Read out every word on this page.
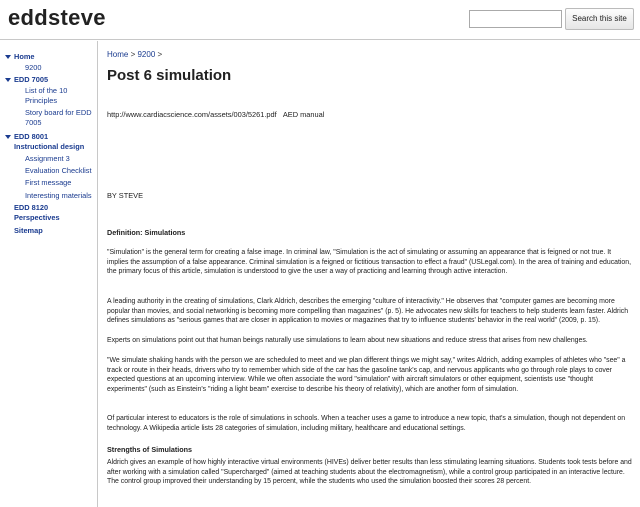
eddsteve	Search this site
Home
9200
EDD 7005
List of the 10
Principles
Story board for EDD
7005
EDD 8001
Instructional design
Assignment 3
Evaluation Checklist
First message
Interesting materials
EDD 8120
Perspectives
Sitemap
Home > 9200 >
Post 6 simulation
http://www.cardiacscience.com/assets/003/5261.pdf AED manual
BY STEVE
Definition: Simulations
"Simulation" is the general term for creating a false image. In criminal law, "Simulation is the act of simulating or assuming an appearance that is feigned or not true. It implies the assumption of a false appearance. Criminal simulation is a feigned or fictitious transaction to effect a fraud" (USLegal.com). In the area of training and education, the primary focus of this article, simulation is understood to give the user a way of practicing and learning through active interaction.
A leading authority in the creating of simulations, Clark Aldrich, describes the emerging "culture of interactivity." He observes that "computer games are becoming more popular than movies, and social networking is becoming more compelling than magazines" (p. 5). He advocates new skills for teachers to help students learn faster. Aldrich defines simulations as "serious games that are closer in application to movies or magazines that try to influence students' behavior in the real world" (2009, p. 15).
Experts on simulations point out that human beings naturally use simulations to learn about new situations and reduce stress that arises from new challenges.
"We simulate shaking hands with the person we are scheduled to meet and we plan different things we might say," writes Aldrich, adding examples of athletes who "see" a track or route in their heads, drivers who try to remember which side of the car has the gasoline tank's cap, and nervous applicants who go through role plays to cover expected questions at an upcoming interview. While we often associate the word "simulation" with aircraft simulators or other equipment, scientists use "thought experiments" (such as Einstein's "riding a light beam" exercise to describe his theory of relativity), which are another form of simulation.
Of particular interest to educators is the role of simulations in schools. When a teacher uses a game to introduce a new topic, that's a simulation, though not dependent on technology. A Wikipedia article lists 28 categories of simulation, including military, healthcare and educational settings.
Strengths of Simulations
Aldrich gives an example of how highly interactive virtual environments (HIVEs) deliver better results than less stimulating learning situations. Students took tests before and after working with a simulation called "Supercharged" (aimed at teaching students about the electromagnetism), while a control group participated in an interactive lecture. The control group improved their understanding by 15 percent, while the students who used the simulation boosted their scores 28 percent.
